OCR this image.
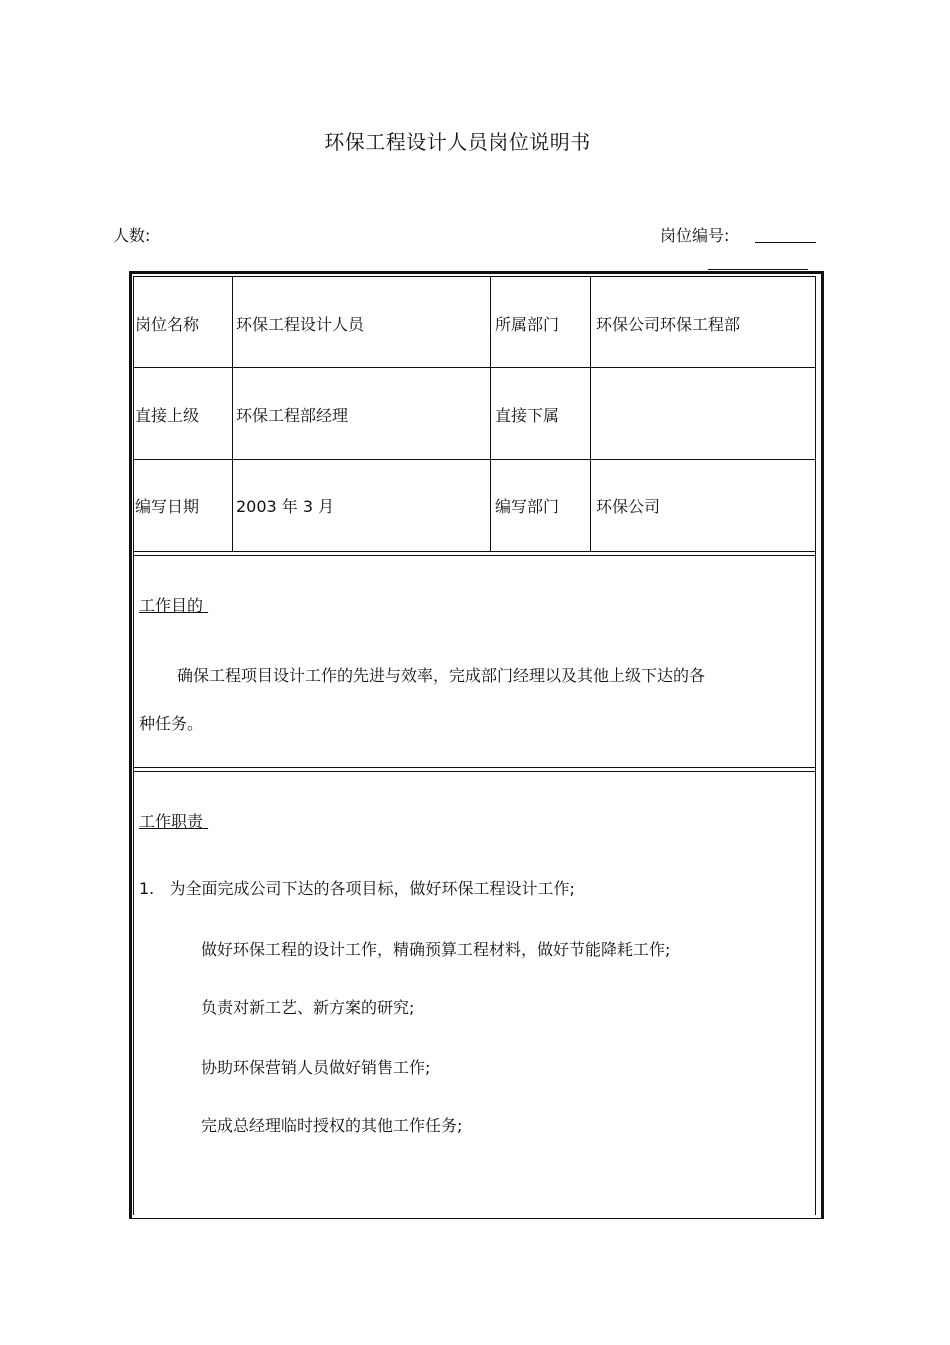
环保工程设计人员岗位说明书
人数:	岗位编号:
岗位名称 环保工程设计人员	所属部门 环保公司环保工程部
直接上级 环保工程部经理	直接下属
编写日期 2003 年 3 月	编写部门 环保公司
工作目的
确保工程项目设计工作的先进与效率，完成部门经理以及其他上级下达的各
种任务。
工作职责
1.   为全面完成公司下达的各项目标，做好环保工程设计工作;
做好环保工程的设计工作，精确预算工程材料，做好节能降耗工作;
负责对新工艺、新方案的研究;
协助环保营销人员做好销售工作;
完成总经理临时授权的其他工作任务;
